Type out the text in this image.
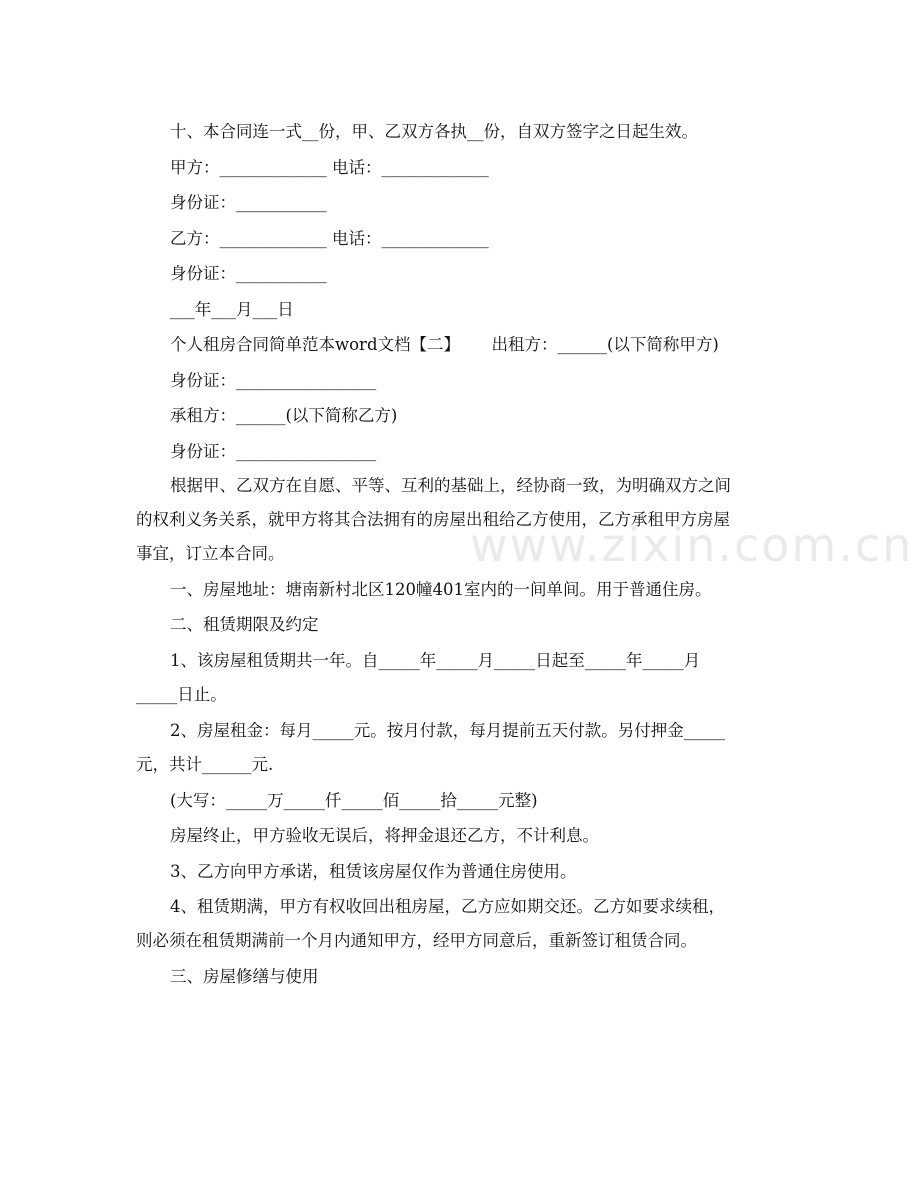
www.zixin.com.cn
十、本合同连一式__份，甲、乙双方各执__份，自双方签字之日起生效。
甲方：_____________ 电话：_____________
身份证：___________
乙方：_____________ 电话：_____________
身份证：___________
___年___月___日
个人租房合同简单范本word文档【二】      出租方：______(以下简称甲方)
身份证：_________________
承租方：______(以下简称乙方)
身份证：_________________
根据甲、乙双方在自愿、平等、互利的基础上，经协商一致，为明确双方之间
的权利义务关系，就甲方将其合法拥有的房屋出租给乙方使用，乙方承租甲方房屋
事宜，订立本合同。
一、房屋地址：塘南新村北区120幢401室内的一间单间。用于普通住房。
二、租赁期限及约定
1、该房屋租赁期共一年。自_____年_____月_____日起至_____年_____月
_____日止。
2、房屋租金：每月_____元。按月付款，每月提前五天付款。另付押金_____
元，共计______元.
(大写：_____万_____仟_____佰_____拾_____元整)
房屋终止，甲方验收无误后，将押金退还乙方，不计利息。
3、乙方向甲方承诺，租赁该房屋仅作为普通住房使用。
4、租赁期满，甲方有权收回出租房屋，乙方应如期交还。乙方如要求续租，
则必须在租赁期满前一个月内通知甲方，经甲方同意后，重新签订租赁合同。
三、房屋修缮与使用
